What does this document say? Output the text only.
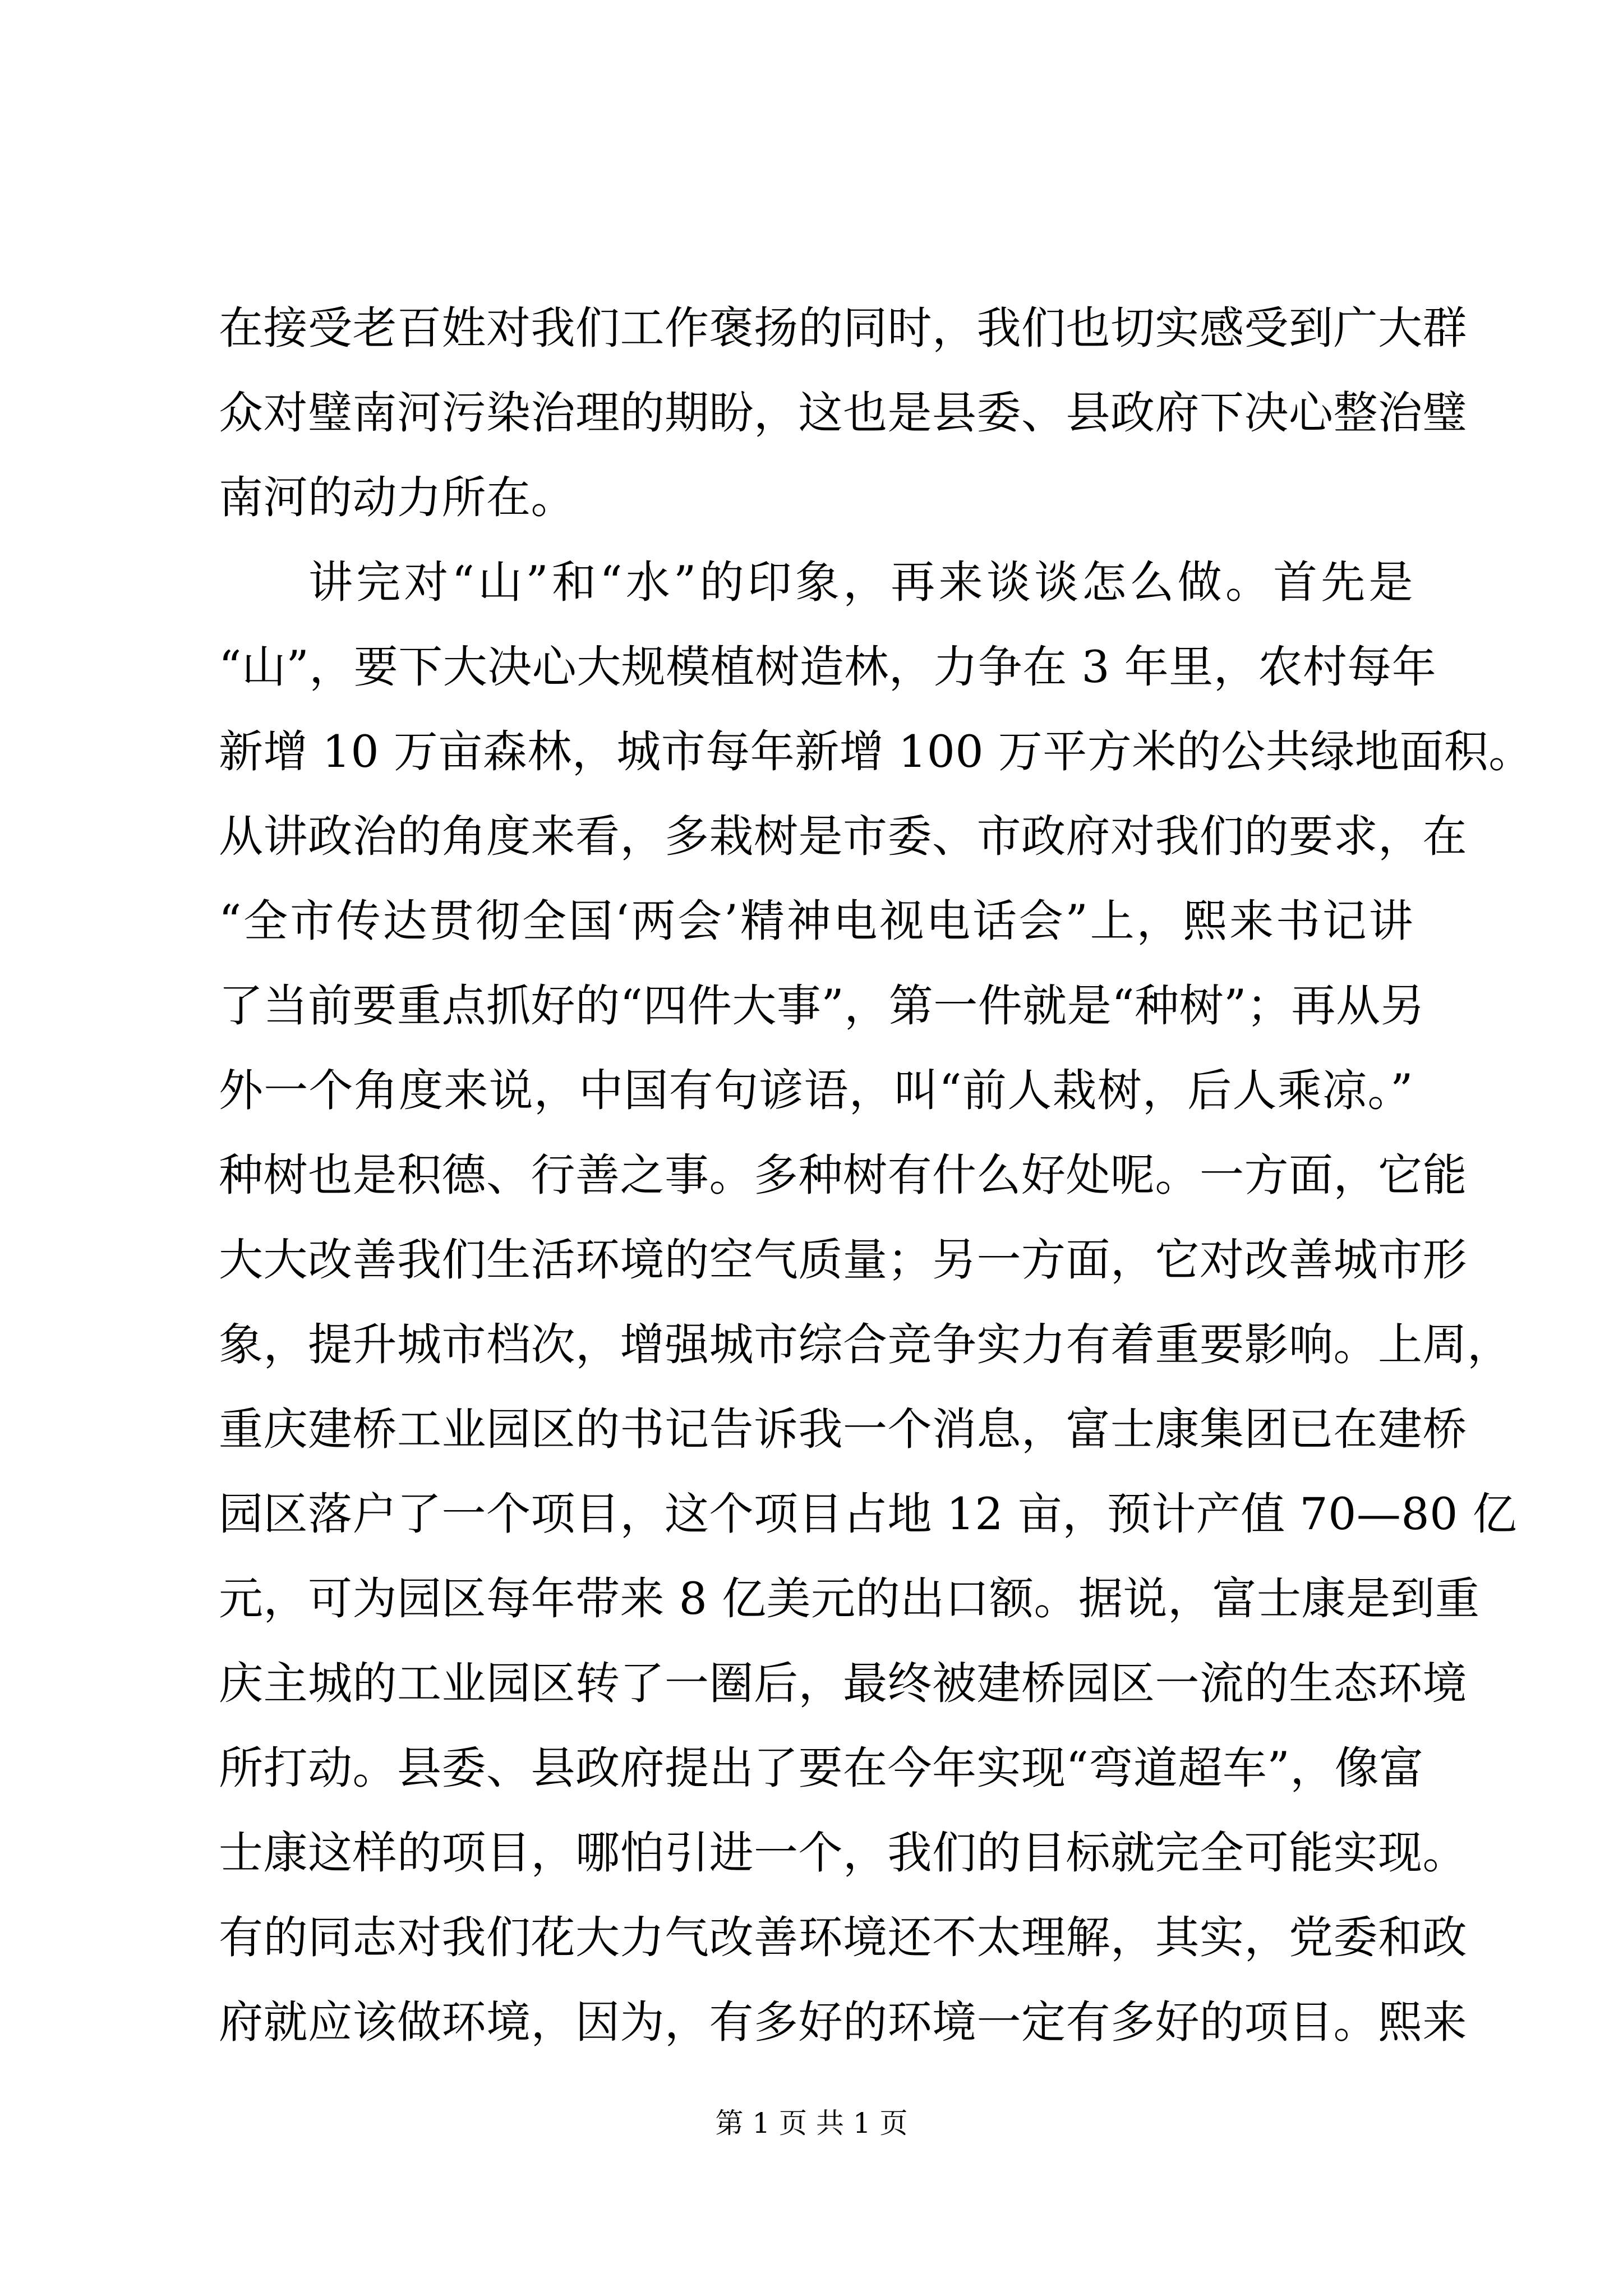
在接受老百姓对我们工作褒扬的同时，我们也切实感受到广大群
众对璧南河污染治理的期盼，这也是县委、县政府下决心整治璧
南河的动力所在。
讲完对“山”和“水”的印象，再来谈谈怎么做。首先是
“山”，要下大决心大规模植树造林，力争在 3 年里，农村每年
新增 10 万亩森林，城市每年新增 100 万平方米的公共绿地面积。
从讲政治的角度来看，多栽树是市委、市政府对我们的要求，在
“全市传达贯彻全国‘两会’精神电视电话会”上，熙来书记讲
了当前要重点抓好的“四件大事”，第一件就是“种树”；再从另
外一个角度来说，中国有句谚语，叫“前人栽树，后人乘凉。”
种树也是积德、行善之事。多种树有什么好处呢。一方面，它能
大大改善我们生活环境的空气质量；另一方面，它对改善城市形
象，提升城市档次，增强城市综合竞争实力有着重要影响。上周，
重庆建桥工业园区的书记告诉我一个消息，富士康集团已在建桥
园区落户了一个项目，这个项目占地 12 亩，预计产值 70—80 亿
元，可为园区每年带来 8 亿美元的出口额。据说，富士康是到重
庆主城的工业园区转了一圈后，最终被建桥园区一流的生态环境
所打动。县委、县政府提出了要在今年实现“弯道超车”，像富
士康这样的项目，哪怕引进一个，我们的目标就完全可能实现。
有的同志对我们花大力气改善环境还不太理解，其实，党委和政
府就应该做环境，因为，有多好的环境一定有多好的项目。熙来
第 1 页 共 1 页
